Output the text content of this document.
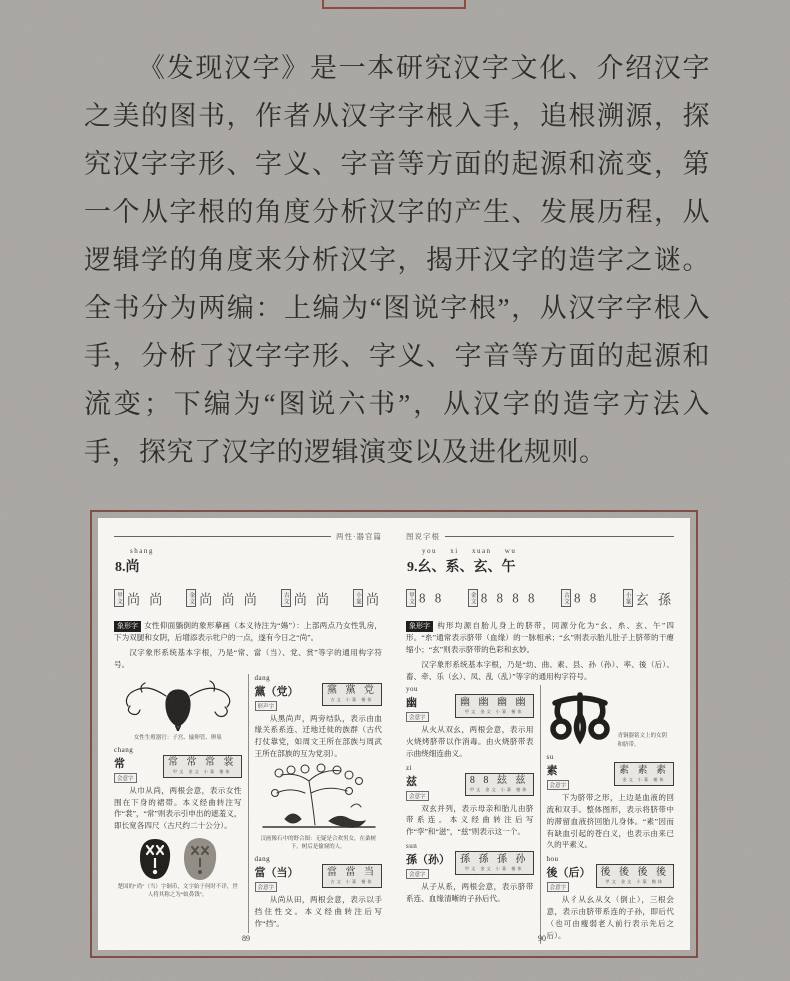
《发现汉字》是一本研究汉字文化、介绍汉字之美的图书，作者从汉字字根入手，追根溯源，探究汉字字形、字义、字音等方面的起源和流变，第一个从字根的角度分析汉字的产生、发展历程，从逻辑学的角度来分析汉字，揭开汉字的造字之谜。全书分为两编：上编为“图说字根”，从汉字字根入手，分析了汉字字形、字义、字音等方面的起源和流变；下编为“图说六书”，从汉字的造字方法入手，探究了汉字的逻辑演变以及进化规则。

两性·器官篇
shang
8.尚
甲文 尚 尚	金文 尚 尚 尚	古文 尚 尚	小篆 尚

象形字 女性仰面躺倒的象形摹画（本义待注为“婸”）：上部两点乃女性乳房，下为双腿和女阴，后增添表示牝户的一点，遂有今日之“尚”。

汉字象形系统基本字根，乃是“常、當（当）、党、赏”等字的通用构字符号。

女性生殖器官：子宫、输卵管、卵巢
chang
常
会意字
常 常 常 裳
甲文 金文 小篆 楷体

从巾从尚，两根会意，表示女性围在下身的裙帯。本义经曲转注写作“裳”，“常”则表示引申出的遮羞义，即长宽各四尺（古尺约二十公分）。

楚国的“尚”（当）字铜币，文字始于何时不详，世人将其称之为“蚁鼻钱”。
dang
黨（党）
形声字
黨 黨 党
古文 小篆 楷体

从黑尚声，两旁结队，表示由血缘关系系连、迁地迁徙的族群（古代打仗靠党，如周文王所在部族与周武王所在部族的互为党羽）。

汉画像石中的野合图：无疑是合欢男女，在桑树下，树后是偷窥的人。
dang
當（当）
会意字
當 當 当
古文 小篆 楷体

从尚从田，两根会意，表示以手挡住性交。本义经曲转注后写作“挡”。

89
图说字根
you xi xuan wu
9.幺、系、玄、午
甲文 8 8	金文 8 8 8 8	古文 8 8	小篆 玄 孫

象形字 构形均源自胎儿身上的脐带，同源分化为“幺、糸、玄、午”四形。“糸”通常表示脐带（血缘）的一脉相承；“幺”则表示胎儿肚子上脐带的干瘪缩小；“玄”则表示脐带的色彩和玄妙。

汉字象形系统基本字根，乃是“幼、曲、素、县、孙（孙）、率、後（后）、畜、牵、乐（幺）、凤、乱（乱）”等字的通用构字符号。

you
幽
会意字
幽 幽 幽 幽
甲文 金文 小篆 楷体

从火从双幺，两根会意，表示用火烧烤脐带以作消毒。由火烧脐带表示曲绕细连曲义。

zi
兹
会意字
8 8 玆 兹
甲文 金文 小篆 楷体

双玄并列，表示母亲和胎儿由脐带系连。本义经曲转注后写作“孪”和“滋”，“兹”则表示这一个。

sun
孫（孙）
会意字
孫 孫 孫 孙
甲文 金文 小篆 楷体

从子从系，两根会意，表示脐带系连、血缘清晰的子孙后代。

青铜器铭文上的女阴和脐带。
su
素
会意字
素 素 素
金文 小篆 楷体

下为脐带之形，上边是血液的回流和双手。整体图形，表示将脐带中的滞留血液挤回胎儿身体。“素”因而有缺血引起的苍白义，也表示由来已久的平素义。

hou
後（后）
会意字
後 後 後 後
甲文 金文 小篆 楷体

从彳从幺从夂（倒止），三根会意，表示由脐带系连的子孙，即后代（也可由瘦弱老人前行表示先后之后）。

90
